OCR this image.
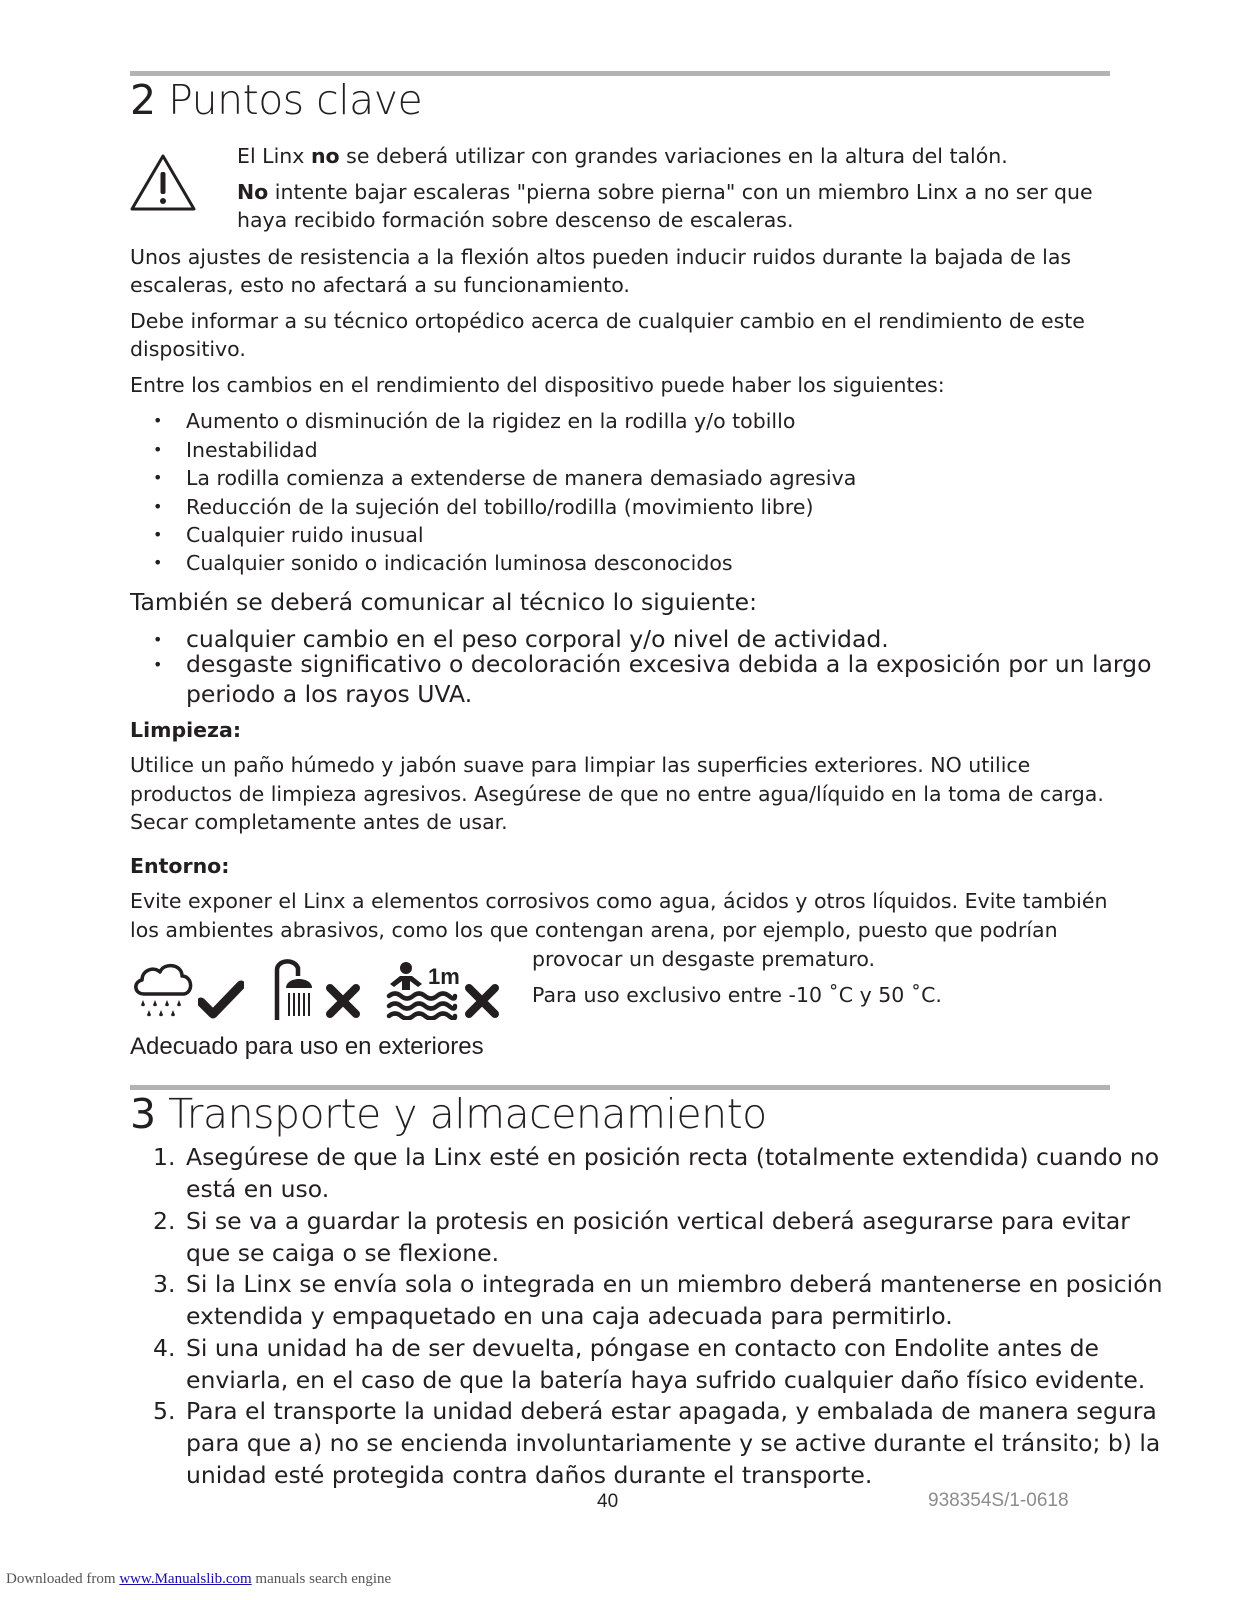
2 Puntos clave
El Linx no se deberá utilizar con grandes variaciones en la altura del talón.
No intente bajar escaleras "pierna sobre pierna" con un miembro Linx a no ser que
haya recibido formación sobre descenso de escaleras.
Unos ajustes de resistencia a la flexión altos pueden inducir ruidos durante la bajada de las
escaleras, esto no afectará a su funcionamiento.
Debe informar a su técnico ortopédico acerca de cualquier cambio en el rendimiento de este
dispositivo.
Entre los cambios en el rendimiento del dispositivo puede haber los siguientes:
• Aumento o disminución de la rigidez en la rodilla y/o tobillo
• Inestabilidad
• La rodilla comienza a extenderse de manera demasiado agresiva
• Reducción de la sujeción del tobillo/rodilla (movimiento libre)
• Cualquier ruido inusual
• Cualquier sonido o indicación luminosa desconocidos
También se deberá comunicar al técnico lo siguiente:
• cualquier cambio en el peso corporal y/o nivel de actividad.
• desgaste significativo o decoloración excesiva debida a la exposición por un largo
periodo a los rayos UVA.
Limpieza:
Utilice un paño húmedo y jabón suave para limpiar las superficies exteriores. NO utilice
productos de limpieza agresivos. Asegúrese de que no entre agua/líquido en la toma de carga.
Secar completamente antes de usar.
Entorno:
Evite exponer el Linx a elementos corrosivos como agua, ácidos y otros líquidos. Evite también
los ambientes abrasivos, como los que contengan arena, por ejemplo, puesto que podrían
provocar un desgaste prematuro.
Para uso exclusivo entre -10 ˚C y 50 ˚C.
1m
Adecuado para uso en exteriores
3 Transporte y almacenamiento
1. Asegúrese de que la Linx esté en posición recta (totalmente extendida) cuando no
está en uso.
2. Si se va a guardar la protesis en posición vertical deberá asegurarse para evitar
que se caiga o se flexione.
3. Si la Linx se envía sola o integrada en un miembro deberá mantenerse en posición
extendida y empaquetado en una caja adecuada para permitirlo.
4. Si una unidad ha de ser devuelta, póngase en contacto con Endolite antes de
enviarla, en el caso de que la batería haya sufrido cualquier daño físico evidente.
5. Para el transporte la unidad deberá estar apagada, y embalada de manera segura
para que a) no se encienda involuntariamente y se active durante el tránsito; b) la
unidad esté protegida contra daños durante el transporte.
40	938354S/1-0618
Downloaded from www.Manualslib.com manuals search engine
